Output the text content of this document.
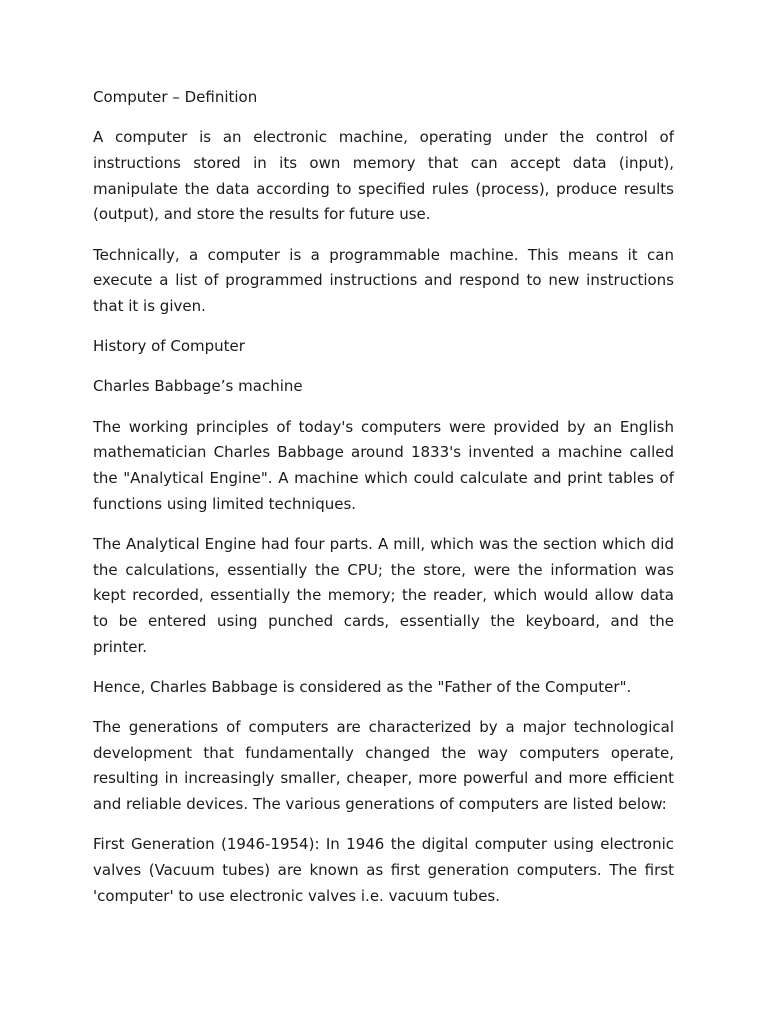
Computer – Definition

A computer is an electronic machine, operating under the control of instructions stored in its own memory that can accept data (input), manipulate the data according to specified rules (process), produce results (output), and store the results for future use.

Technically, a computer is a programmable machine. This means it can execute a list of programmed instructions and respond to new instructions that it is given.

History of Computer

Charles Babbage’s machine

The working principles of today's computers were provided by an English mathematician Charles Babbage around 1833's invented a machine called the "Analytical Engine". A machine which could calculate and print tables of functions using limited techniques.

The Analytical Engine had four parts. A mill, which was the section which did the calculations, essentially the CPU; the store, were the information was kept recorded, essentially the memory; the reader, which would allow data to be entered using punched cards, essentially the keyboard, and the printer.

Hence, Charles Babbage is considered as the "Father of the Computer".

The generations of computers are characterized by a major technological development that fundamentally changed the way computers operate, resulting in increasingly smaller, cheaper, more powerful and more efficient and reliable devices. The various generations of computers are listed below:

First Generation (1946-1954): In 1946 the digital computer using electronic valves (Vacuum tubes) are known as first generation computers. The first 'computer' to use electronic valves i.e. vacuum tubes.
